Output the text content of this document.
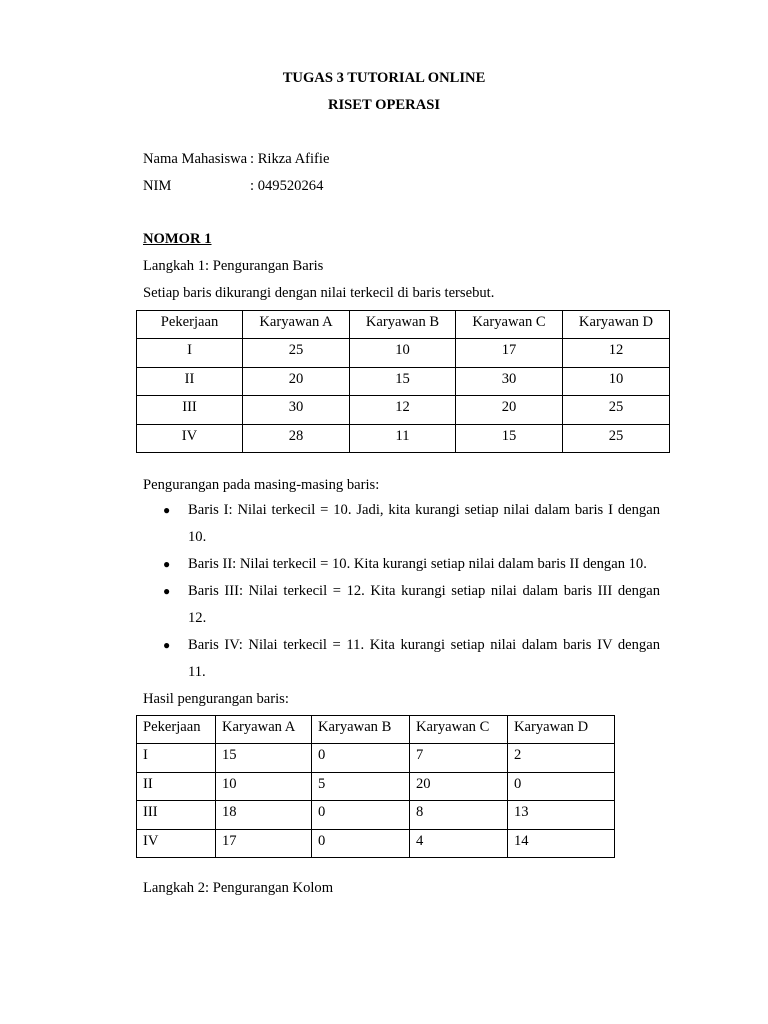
TUGAS 3 TUTORIAL ONLINE
RISET OPERASI
Nama Mahasiswa : Rikza Afifie
NIM	: 049520264
NOMOR 1
Langkah 1: Pengurangan Baris
Setiap baris dikurangi dengan nilai terkecil di baris tersebut.
Pekerjaan	Karyawan A	Karyawan B	Karyawan C	Karyawan D
I	25	10	17	12
II	20	15	30	10
III	30	12	20	25
IV	28	11	15	25
Pengurangan pada masing-masing baris:
● Baris I: Nilai terkecil = 10. Jadi, kita kurangi setiap nilai dalam baris I dengan
10.
● Baris II: Nilai terkecil = 10. Kita kurangi setiap nilai dalam baris II dengan 10.
● Baris III: Nilai terkecil = 12. Kita kurangi setiap nilai dalam baris III dengan
12.
● Baris IV: Nilai terkecil = 11. Kita kurangi setiap nilai dalam baris IV dengan
11.
Hasil pengurangan baris:
Pekerjaan	Karyawan A	Karyawan B	Karyawan C	Karyawan D
I	15	0	7	2
II	10	5	20	0
III	18	0	8	13
IV	17	0	4	14
Langkah 2: Pengurangan Kolom
